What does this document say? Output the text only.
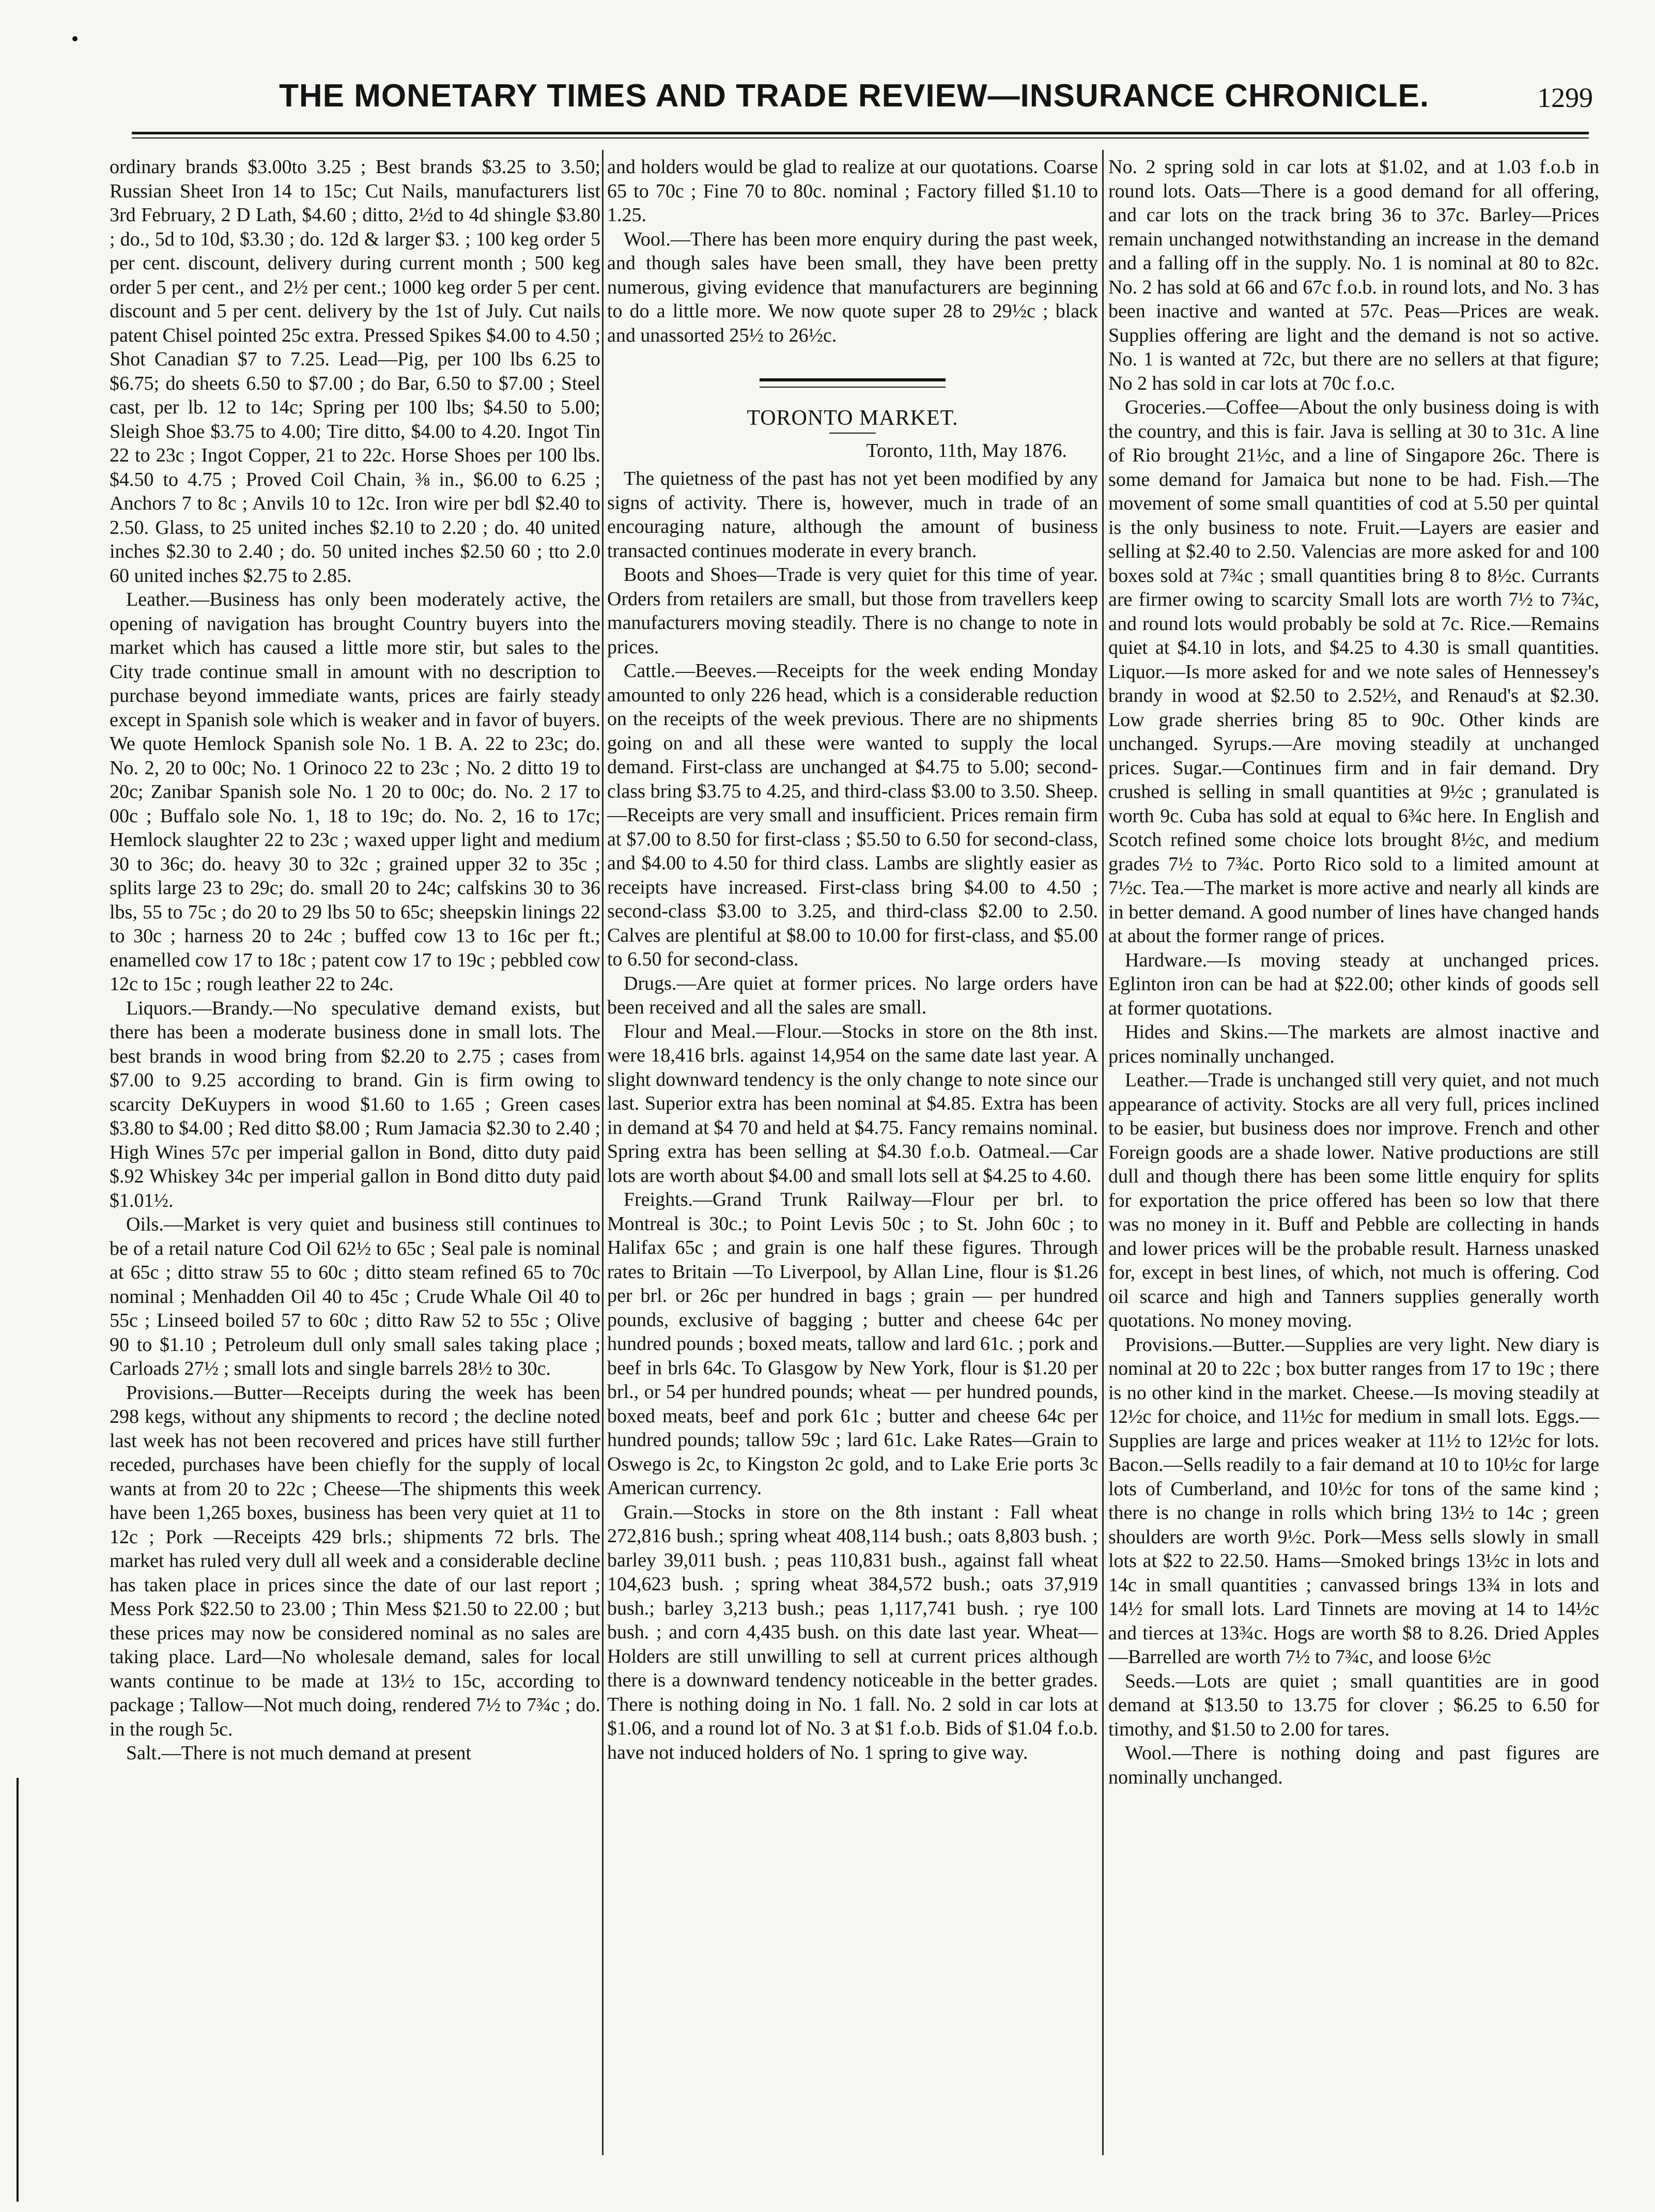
THE MONETARY TIMES AND TRADE REVIEW—INSURANCE CHRONICLE.	1299

ordinary brands $3.00to 3.25 ; Best brands $3.25 to 3.50; Russian Sheet Iron 14 to 15c; Cut Nails, manufacturers list 3rd February, 2 D Lath, $4.60 ; ditto, 2½d to 4d shingle $3.80 ; do., 5d to 10d, $3.30 ; do. 12d & larger $3. ; 100 keg order 5 per cent. discount, delivery during current month ; 500 keg order 5 per cent., and 2½ per cent.; 1000 keg order 5 per cent. discount and 5 per cent. delivery by the 1st of July. Cut nails patent Chisel pointed 25c extra. Pressed Spikes $4.00 to 4.50 ; Shot Canadian $7 to 7.25. Lead—Pig, per 100 lbs 6.25 to $6.75; do sheets 6.50 to $7.00 ; do Bar, 6.50 to $7.00 ; Steel cast, per lb. 12 to 14c; Spring per 100 lbs; $4.50 to 5.00; Sleigh Shoe $3.75 to 4.00; Tire ditto, $4.00 to 4.20. Ingot Tin 22 to 23c ; Ingot Copper, 21 to 22c. Horse Shoes per 100 lbs. $4.50 to 4.75 ; Proved Coil Chain, ⅜ in., $6.00 to 6.25 ; Anchors 7 to 8c ; Anvils 10 to 12c. Iron wire per bdl $2.40 to 2.50. Glass, to 25 united inches $2.10 to 2.20 ; do. 40 united inches $2.30 to 2.40 ; do. 50 united inches $2.50 60 ; tto 2.0 60 united inches $2.75 to 2.85.

Leather.—Business has only been moderately active, the opening of navigation has brought Country buyers into the market which has caused a little more stir, but sales to the City trade continue small in amount with no description to purchase beyond immediate wants, prices are fairly steady except in Spanish sole which is weaker and in favor of buyers. We quote Hemlock Spanish sole No. 1 B. A. 22 to 23c; do. No. 2, 20 to 00c; No. 1 Orinoco 22 to 23c ; No. 2 ditto 19 to 20c; Zanibar Spanish sole No. 1 20 to 00c; do. No. 2 17 to 00c ; Buffalo sole No. 1, 18 to 19c; do. No. 2, 16 to 17c; Hemlock slaughter 22 to 23c ; waxed upper light and medium 30 to 36c; do. heavy 30 to 32c ; grained upper 32 to 35c ; splits large 23 to 29c; do. small 20 to 24c; calfskins 30 to 36 lbs, 55 to 75c ; do 20 to 29 lbs 50 to 65c; sheepskin linings 22 to 30c ; harness 20 to 24c ; buffed cow 13 to 16c per ft.; enamelled cow 17 to 18c ; patent cow 17 to 19c ; pebbled cow 12c to 15c ; rough leather 22 to 24c.

Liquors.—Brandy.—No speculative demand exists, but there has been a moderate business done in small lots. The best brands in wood bring from $2.20 to 2.75 ; cases from $7.00 to 9.25 according to brand. Gin is firm owing to scarcity DeKuypers in wood $1.60 to 1.65 ; Green cases $3.80 to $4.00 ; Red ditto $8.00 ; Rum Jamacia $2.30 to 2.40 ; High Wines 57c per imperial gallon in Bond, ditto duty paid $.92 Whiskey 34c per imperial gallon in Bond ditto duty paid $1.01½.

Oils.—Market is very quiet and business still continues to be of a retail nature Cod Oil 62½ to 65c ; Seal pale is nominal at 65c ; ditto straw 55 to 60c ; ditto steam refined 65 to 70c nominal ; Menhadden Oil 40 to 45c ; Crude Whale Oil 40 to 55c ; Linseed boiled 57 to 60c ; ditto Raw 52 to 55c ; Olive 90 to $1.10 ; Petroleum dull only small sales taking place ; Carloads 27½ ; small lots and single barrels 28½ to 30c.

Provisions.—Butter—Receipts during the week has been 298 kegs, without any shipments to record ; the decline noted last week has not been recovered and prices have still further receded, purchases have been chiefly for the supply of local wants at from 20 to 22c ; Cheese—The shipments this week have been 1,265 boxes, business has been very quiet at 11 to 12c ; Pork —Receipts 429 brls.; shipments 72 brls. The market has ruled very dull all week and a considerable decline has taken place in prices since the date of our last report ; Mess Pork $22.50 to 23.00 ; Thin Mess $21.50 to 22.00 ; but these prices may now be considered nominal as no sales are taking place. Lard—No wholesale demand, sales for local wants continue to be made at 13½ to 15c, according to package ; Tallow—Not much doing, rendered 7½ to 7¾c ; do. in the rough 5c.

Salt.—There is not much demand at present

and holders would be glad to realize at our quotations. Coarse 65 to 70c ; Fine 70 to 80c. nominal ; Factory filled $1.10 to 1.25.

Wool.—There has been more enquiry during the past week, and though sales have been small, they have been pretty numerous, giving evidence that manufacturers are beginning to do a little more. We now quote super 28 to 29½c ; black and unassorted 25½ to 26½c.

TORONTO MARKET.
Toronto, 11th, May 1876.

The quietness of the past has not yet been modified by any signs of activity. There is, however, much in trade of an encouraging nature, although the amount of business transacted continues moderate in every branch.

Boots and Shoes—Trade is very quiet for this time of year. Orders from retailers are small, but those from travellers keep manufacturers moving steadily. There is no change to note in prices.

Cattle.—Beeves.—Receipts for the week ending Monday amounted to only 226 head, which is a considerable reduction on the receipts of the week previous. There are no shipments going on and all these were wanted to supply the local demand. First-class are unchanged at $4.75 to 5.00; second-class bring $3.75 to 4.25, and third-class $3.00 to 3.50. Sheep.—Receipts are very small and insufficient. Prices remain firm at $7.00 to 8.50 for first-class ; $5.50 to 6.50 for second-class, and $4.00 to 4.50 for third class. Lambs are slightly easier as receipts have increased. First-class bring $4.00 to 4.50 ; second-class $3.00 to 3.25, and third-class $2.00 to 2.50. Calves are plentiful at $8.00 to 10.00 for first-class, and $5.00 to 6.50 for second-class.

Drugs.—Are quiet at former prices. No large orders have been received and all the sales are small.

Flour and Meal.—Flour.—Stocks in store on the 8th inst. were 18,416 brls. against 14,954 on the same date last year. A slight downward tendency is the only change to note since our last. Superior extra has been nominal at $4.85. Extra has been in demand at $4 70 and held at $4.75. Fancy remains nominal. Spring extra has been selling at $4.30 f.o.b. Oatmeal.—Car lots are worth about $4.00 and small lots sell at $4.25 to 4.60.

Freights.—Grand Trunk Railway—Flour per brl. to Montreal is 30c.; to Point Levis 50c ; to St. John 60c ; to Halifax 65c ; and grain is one half these figures. Through rates to Britain —To Liverpool, by Allan Line, flour is $1.26 per brl. or 26c per hundred in bags ; grain — per hundred pounds, exclusive of bagging ; butter and cheese 64c per hundred pounds ; boxed meats, tallow and lard 61c. ; pork and beef in brls 64c. To Glasgow by New York, flour is $1.20 per brl., or 54 per hundred pounds; wheat — per hundred pounds, boxed meats, beef and pork 61c ; butter and cheese 64c per hundred pounds; tallow 59c ; lard 61c. Lake Rates—Grain to Oswego is 2c, to Kingston 2c gold, and to Lake Erie ports 3c American currency.

Grain.—Stocks in store on the 8th instant : Fall wheat 272,816 bush.; spring wheat 408,114 bush.; oats 8,803 bush. ; barley 39,011 bush. ; peas 110,831 bush., against fall wheat 104,623 bush. ; spring wheat 384,572 bush.; oats 37,919 bush.; barley 3,213 bush.; peas 1,117,741 bush. ; rye 100 bush. ; and corn 4,435 bush. on this date last year. Wheat—Holders are still unwilling to sell at current prices although there is a downward tendency noticeable in the better grades. There is nothing doing in No. 1 fall. No. 2 sold in car lots at $1.06, and a round lot of No. 3 at $1 f.o.b. Bids of $1.04 f.o.b. have not induced holders of No. 1 spring to give way.

No. 2 spring sold in car lots at $1.02, and at 1.03 f.o.b in round lots. Oats—There is a good demand for all offering, and car lots on the track bring 36 to 37c. Barley—Prices remain unchanged notwithstanding an increase in the demand and a falling off in the supply. No. 1 is nominal at 80 to 82c. No. 2 has sold at 66 and 67c f.o.b. in round lots, and No. 3 has been inactive and wanted at 57c. Peas—Prices are weak. Supplies offering are light and the demand is not so active. No. 1 is wanted at 72c, but there are no sellers at that figure; No 2 has sold in car lots at 70c f.o.c.

Groceries.—Coffee—About the only business doing is with the country, and this is fair. Java is selling at 30 to 31c. A line of Rio brought 21½c, and a line of Singapore 26c. There is some demand for Jamaica but none to be had. Fish.—The movement of some small quantities of cod at 5.50 per quintal is the only business to note. Fruit.—Layers are easier and selling at $2.40 to 2.50. Valencias are more asked for and 100 boxes sold at 7¾c ; small quantities bring 8 to 8½c. Currants are firmer owing to scarcity Small lots are worth 7½ to 7¾c, and round lots would probably be sold at 7c. Rice.—Remains quiet at $4.10 in lots, and $4.25 to 4.30 is small quantities. Liquor.—Is more asked for and we note sales of Hennessey's brandy in wood at $2.50 to 2.52½, and Renaud's at $2.30. Low grade sherries bring 85 to 90c. Other kinds are unchanged. Syrups.—Are moving steadily at unchanged prices. Sugar.—Continues firm and in fair demand. Dry crushed is selling in small quantities at 9½c ; granulated is worth 9c. Cuba has sold at equal to 6¾c here. In English and Scotch refined some choice lots brought 8½c, and medium grades 7½ to 7¾c. Porto Rico sold to a limited amount at 7½c. Tea.—The market is more active and nearly all kinds are in better demand. A good number of lines have changed hands at about the former range of prices.

Hardware.—Is moving steady at unchanged prices. Eglinton iron can be had at $22.00; other kinds of goods sell at former quotations.

Hides and Skins.—The markets are almost inactive and prices nominally unchanged.

Leather.—Trade is unchanged still very quiet, and not much appearance of activity. Stocks are all very full, prices inclined to be easier, but business does nor improve. French and other Foreign goods are a shade lower. Native productions are still dull and though there has been some little enquiry for splits for exportation the price offered has been so low that there was no money in it. Buff and Pebble are collecting in hands and lower prices will be the probable result. Harness unasked for, except in best lines, of which, not much is offering. Cod oil scarce and high and Tanners supplies generally worth quotations. No money moving.

Provisions.—Butter.—Supplies are very light. New diary is nominal at 20 to 22c ; box butter ranges from 17 to 19c ; there is no other kind in the market. Cheese.—Is moving steadily at 12½c for choice, and 11½c for medium in small lots. Eggs.—Supplies are large and prices weaker at 11½ to 12½c for lots. Bacon.—Sells readily to a fair demand at 10 to 10½c for large lots of Cumberland, and 10½c for tons of the same kind ; there is no change in rolls which bring 13½ to 14c ; green shoulders are worth 9½c. Pork—Mess sells slowly in small lots at $22 to 22.50. Hams—Smoked brings 13½c in lots and 14c in small quantities ; canvassed brings 13¾ in lots and 14½ for small lots. Lard Tinnets are moving at 14 to 14½c and tierces at 13¾c. Hogs are worth $8 to 8.26. Dried Apples —Barrelled are worth 7½ to 7¾c, and loose 6½c

Seeds.—Lots are quiet ; small quantities are in good demand at $13.50 to 13.75 for clover ; $6.25 to 6.50 for timothy, and $1.50 to 2.00 for tares.

Wool.—There is nothing doing and past figures are nominally unchanged.
